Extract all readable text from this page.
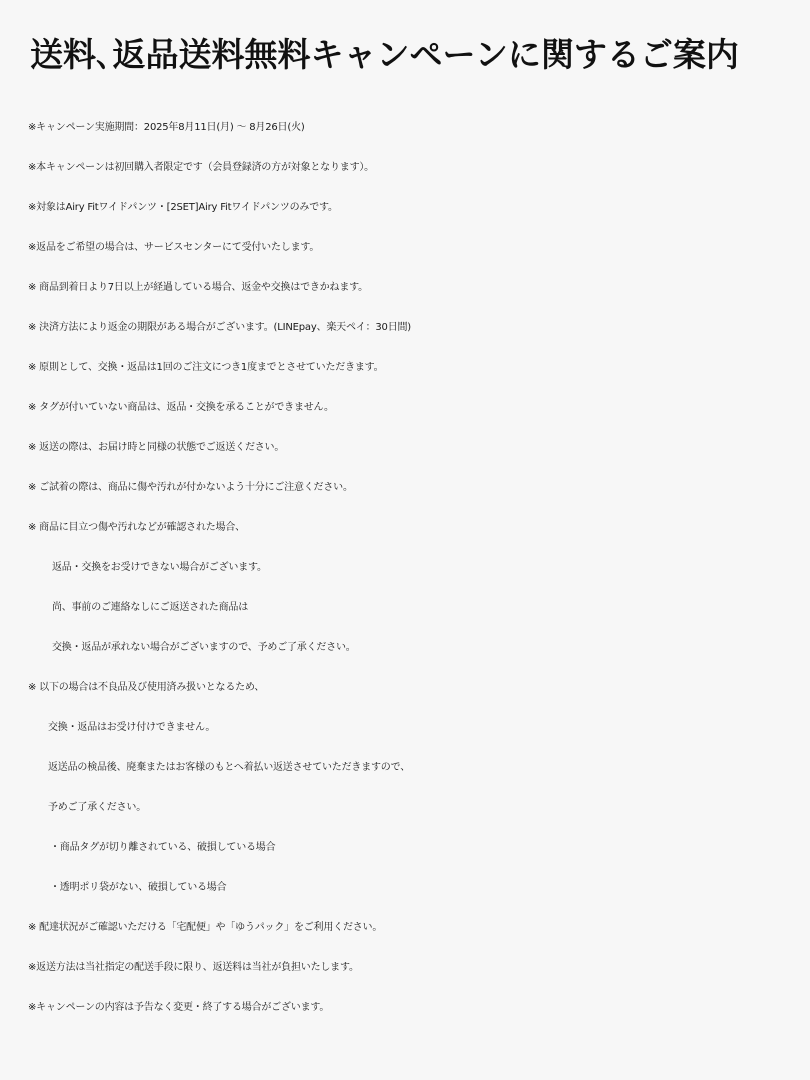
送料､返品送料無料キャンペーンに関するご案内
※キャンペーン実施期間：2025年8月11日(月) 〜 8月26日(火)
※本キャンペーンは初回購入者限定です（会員登録済の方が対象となります）。
※対象はAiry Fitワイドパンツ・[2SET]Airy Fitワイドパンツのみです。
※返品をご希望の場合は、サービスセンターにて受付いたします。
※ 商品到着日より7日以上が経過している場合、返金や交換はできかねます。
※ 決済方法により返金の期限がある場合がございます。(LINEpay、楽天ペイ：30日間)
※ 原則として、交換・返品は1回のご注文につき1度までとさせていただきます。
※ タグが付いていない商品は、返品・交換を承ることができません。
※ 返送の際は、お届け時と同様の状態でご返送ください。
※ ご試着の際は、商品に傷や汚れが付かないよう十分にご注意ください。
※ 商品に目立つ傷や汚れなどが確認された場合、
返品・交換をお受けできない場合がございます。
尚、事前のご連絡なしにご返送された商品は
交換・返品が承れない場合がございますので、予めご了承ください。
※ 以下の場合は不良品及び使用済み扱いとなるため、
交換・返品はお受け付けできません。
返送品の検品後、廃棄またはお客様のもとへ着払い返送させていただきますので、
予めご了承ください。
・商品タグが切り離されている、破損している場合
・透明ポリ袋がない、破損している場合
※ 配達状況がご確認いただける「宅配便」や「ゆうパック」をご利用ください。
※返送方法は当社指定の配送手段に限り、返送料は当社が負担いたします。
※キャンペーンの内容は予告なく変更・終了する場合がございます。
